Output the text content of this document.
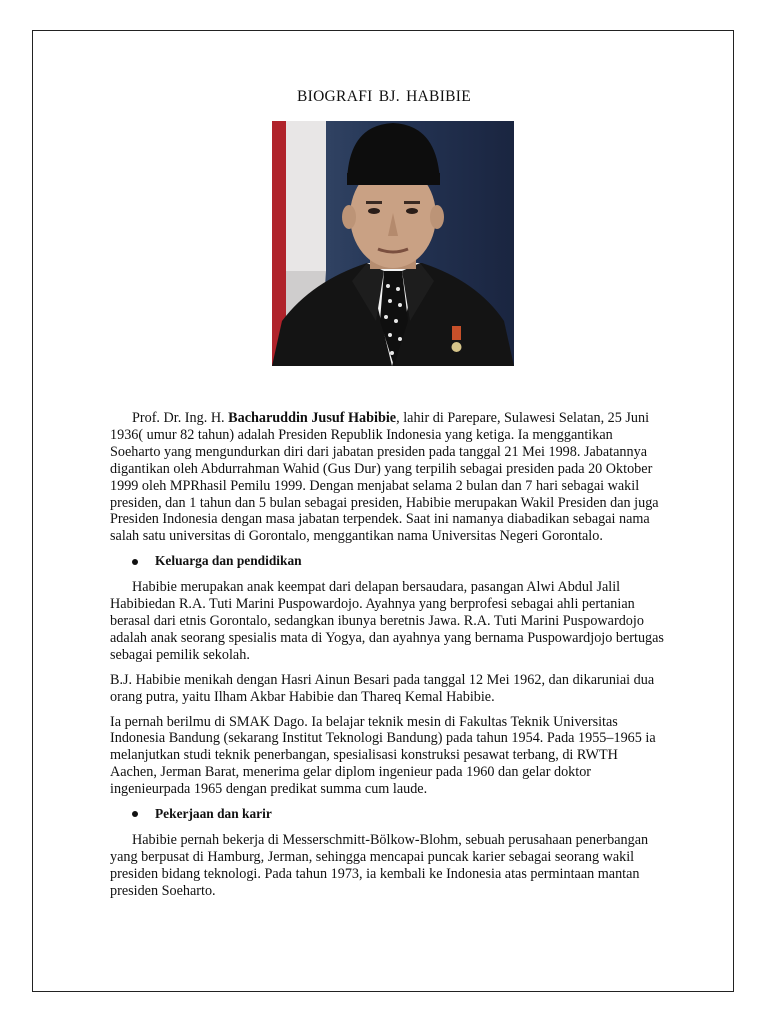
BIOGRAFI BJ. HABIBIE

Prof. Dr. Ing. H. Bacharuddin Jusuf Habibie, lahir di Parepare, Sulawesi Selatan, 25 Juni 1936( umur 82 tahun) adalah Presiden Republik Indonesia yang ketiga. Ia menggantikan Soeharto yang mengundurkan diri dari jabatan presiden pada tanggal 21 Mei 1998. Jabatannya digantikan oleh Abdurrahman Wahid (Gus Dur) yang terpilih sebagai presiden pada 20 Oktober 1999 oleh MPRhasil Pemilu 1999. Dengan menjabat selama 2 bulan dan 7 hari sebagai wakil presiden, dan 1 tahun dan 5 bulan sebagai presiden, Habibie merupakan Wakil Presiden dan juga Presiden Indonesia dengan masa jabatan terpendek. Saat ini namanya diabadikan sebagai nama salah satu universitas di Gorontalo, menggantikan nama Universitas Negeri Gorontalo.

Keluarga dan pendidikan

Habibie merupakan anak keempat dari delapan bersaudara, pasangan Alwi Abdul Jalil Habibiedan R.A. Tuti Marini Puspowardojo. Ayahnya yang berprofesi sebagai ahli pertanian berasal dari etnis Gorontalo, sedangkan ibunya beretnis Jawa. R.A. Tuti Marini Puspowardojo adalah anak seorang spesialis mata di Yogya, dan ayahnya yang bernama Puspowardjojo bertugas sebagai pemilik sekolah.

B.J. Habibie menikah dengan Hasri Ainun Besari pada tanggal 12 Mei 1962, dan dikaruniai dua orang putra, yaitu Ilham Akbar Habibie dan Thareq Kemal Habibie.

Ia pernah berilmu di SMAK Dago. Ia belajar teknik mesin di Fakultas Teknik Universitas Indonesia Bandung (sekarang Institut Teknologi Bandung) pada tahun 1954. Pada 1955–1965 ia melanjutkan studi teknik penerbangan, spesialisasi konstruksi pesawat terbang, di RWTH Aachen, Jerman Barat, menerima gelar diplom ingenieur pada 1960 dan gelar doktor ingenieurpada 1965 dengan predikat summa cum laude.

Pekerjaan dan karir

Habibie pernah bekerja di Messerschmitt-Bölkow-Blohm, sebuah perusahaan penerbangan yang berpusat di Hamburg, Jerman, sehingga mencapai puncak karier sebagai seorang wakil presiden bidang teknologi. Pada tahun 1973, ia kembali ke Indonesia atas permintaan mantan presiden Soeharto.
